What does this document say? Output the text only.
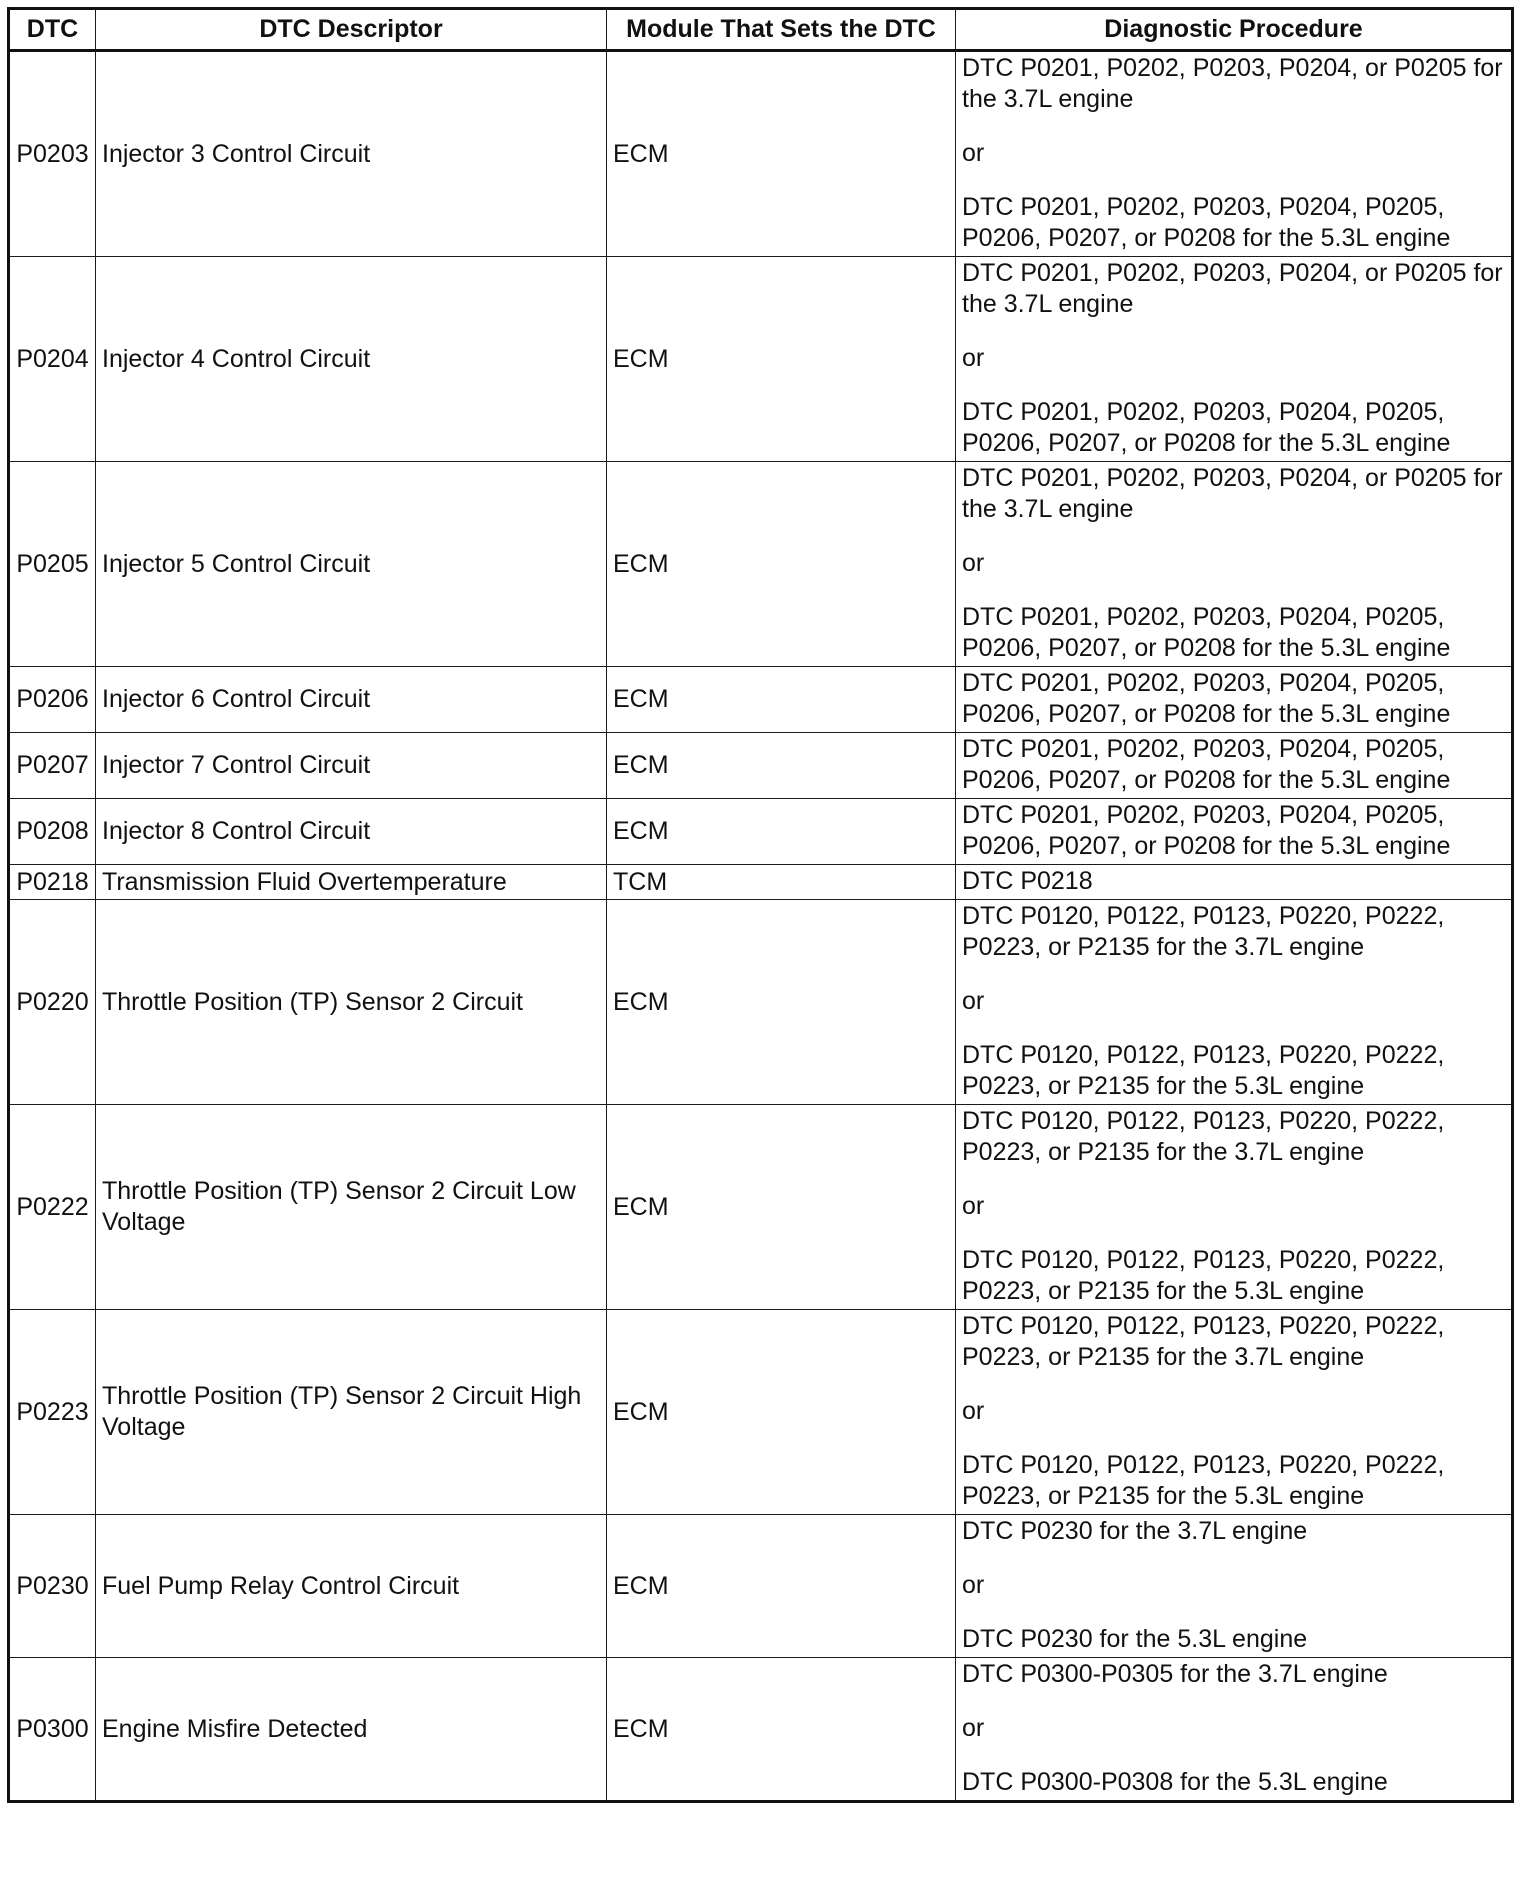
DTC	DTC Descriptor	Module That Sets the DTC	Diagnostic Procedure
P0203	Injector 3 Control Circuit	ECM	DTC P0201, P0202, P0203, P0204, or P0205 for the 3.7L engine
or
DTC P0201, P0202, P0203, P0204, P0205, P0206, P0207, or P0208 for the 5.3L engine

P0204	Injector 4 Control Circuit	ECM	DTC P0201, P0202, P0203, P0204, or P0205 for the 3.7L engine
or
DTC P0201, P0202, P0203, P0204, P0205, P0206, P0207, or P0208 for the 5.3L engine

P0205	Injector 5 Control Circuit	ECM	DTC P0201, P0202, P0203, P0204, or P0205 for the 3.7L engine
or
DTC P0201, P0202, P0203, P0204, P0205, P0206, P0207, or P0208 for the 5.3L engine

P0206	Injector 6 Control Circuit	ECM	DTC P0201, P0202, P0203, P0204, P0205, P0206, P0207, or P0208 for the 5.3L engine

P0207	Injector 7 Control Circuit	ECM	DTC P0201, P0202, P0203, P0204, P0205, P0206, P0207, or P0208 for the 5.3L engine

P0208	Injector 8 Control Circuit	ECM	DTC P0201, P0202, P0203, P0204, P0205, P0206, P0207, or P0208 for the 5.3L engine

P0218	Transmission Fluid Overtemperature	TCM	DTC P0218

P0220	Throttle Position (TP) Sensor 2 Circuit	ECM	DTC P0120, P0122, P0123, P0220, P0222, P0223, or P2135 for the 3.7L engine
or
DTC P0120, P0122, P0123, P0220, P0222, P0223, or P2135 for the 5.3L engine

P0222	Throttle Position (TP) Sensor 2 Circuit Low Voltage	ECM	DTC P0120, P0122, P0123, P0220, P0222, P0223, or P2135 for the 3.7L engine
or
DTC P0120, P0122, P0123, P0220, P0222, P0223, or P2135 for the 5.3L engine

P0223	Throttle Position (TP) Sensor 2 Circuit High Voltage	ECM	DTC P0120, P0122, P0123, P0220, P0222, P0223, or P2135 for the 3.7L engine
or
DTC P0120, P0122, P0123, P0220, P0222, P0223, or P2135 for the 5.3L engine

P0230	Fuel Pump Relay Control Circuit	ECM	DTC P0230 for the 3.7L engine
or
DTC P0230 for the 5.3L engine

P0300	Engine Misfire Detected	ECM	DTC P0300-P0305 for the 3.7L engine
or
DTC P0300-P0308 for the 5.3L engine
